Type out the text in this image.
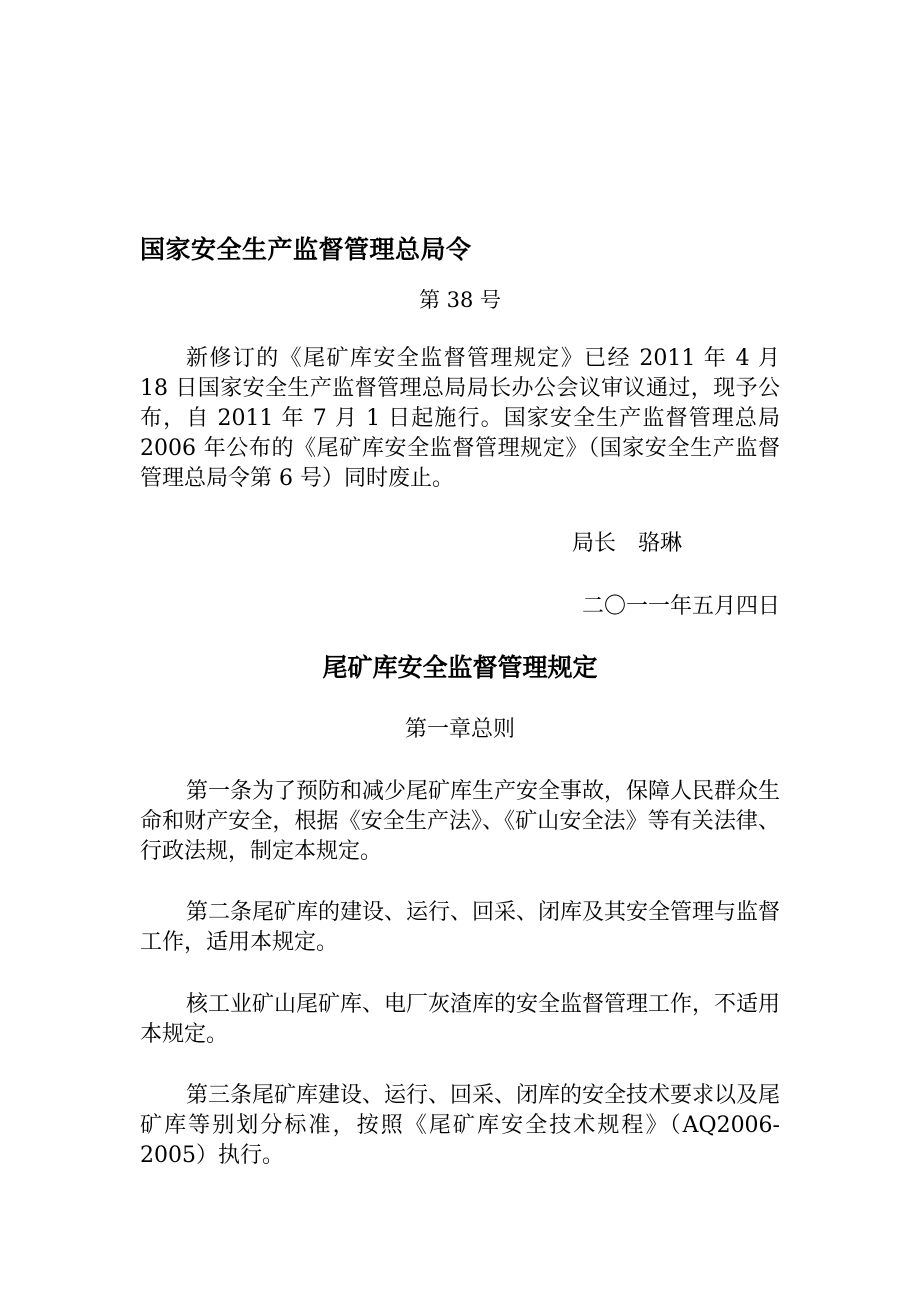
国家安全生产监督管理总局令
第 38 号

新修订的《尾矿库安全监督管理规定》已经 2011 年 4 月 18 日国家安全生产监督管理总局局长办公会议审议通过，现予公布，自 2011 年 7 月 1 日起施行。国家安全生产监督管理总局 2006 年公布的《尾矿库安全监督管理规定》（国家安全生产监督管理总局令第 6 号）同时废止。

局长 骆琳
二〇一一年五月四日
尾矿库安全监督管理规定
第一章总则

第一条为了预防和减少尾矿库生产安全事故，保障人民群众生命和财产安全，根据《安全生产法》、《矿山安全法》等有关法律、行政法规，制定本规定。

第二条尾矿库的建设、运行、回采、闭库及其安全管理与监督工作，适用本规定。

核工业矿山尾矿库、电厂灰渣库的安全监督管理工作，不适用本规定。

第三条尾矿库建设、运行、回采、闭库的安全技术要求以及尾矿库等别划分标准，按照《尾矿库安全技术规程》（AQ2006-2005）执行。
